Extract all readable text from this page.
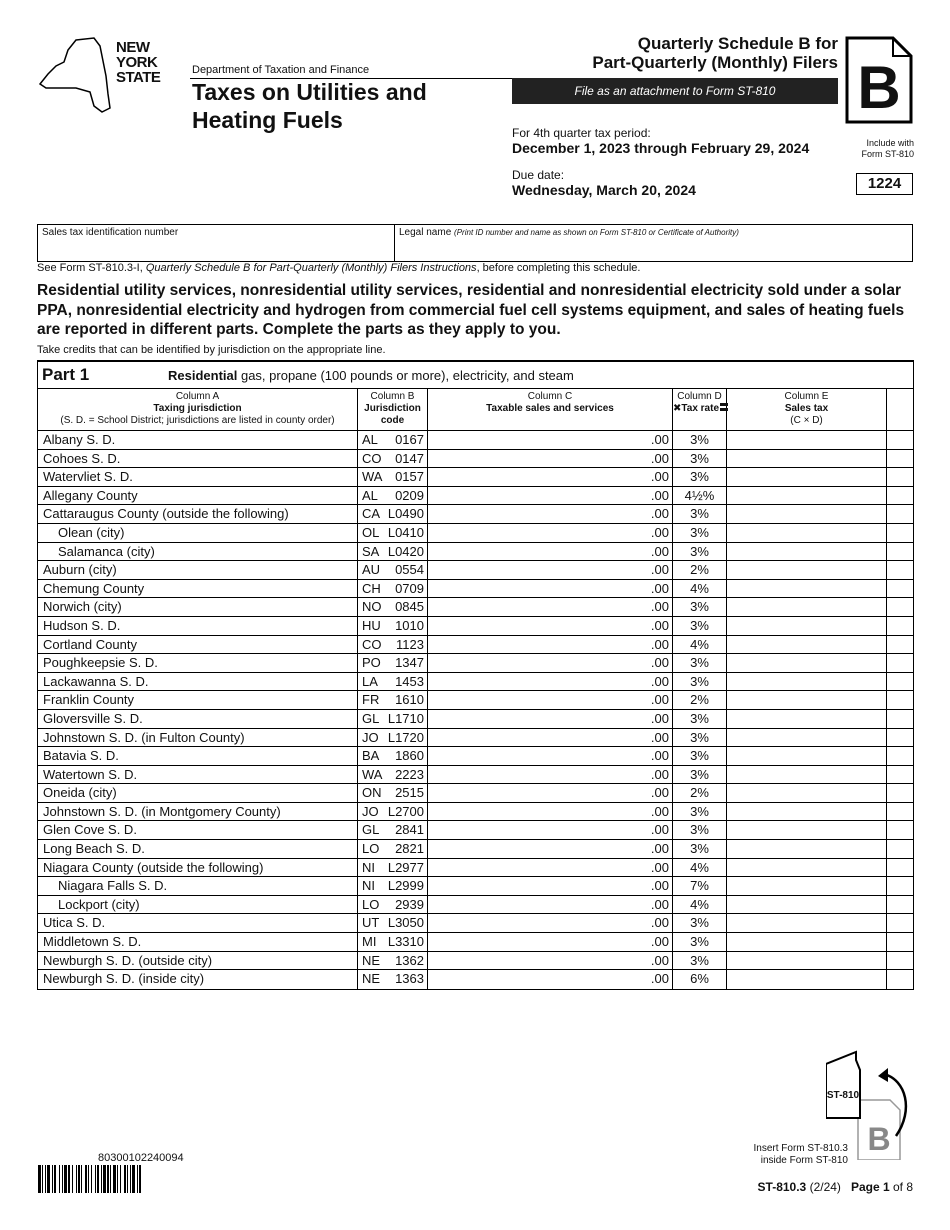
NEW
YORK
STATE	Department of Taxation and Finance
Taxes on Utilities and
Heating Fuels
Quarterly Schedule B for
Part-Quarterly (Monthly) Filers
File as an attachment to Form ST-810	B
For 4th quarter tax period:
December 1, 2023 through February 29, 2024
Due date:
Wednesday, March 20, 2024
Include with
Form ST-810
1224
Sales tax identification number	Legal name (Print ID number and name as shown on Form ST-810 or Certificate of Authority)
See Form ST-810.3-I, Quarterly Schedule B for Part-Quarterly (Monthly) Filers Instructions, before completing this schedule.
Residential utility services, nonresidential utility services, residential and nonresidential electricity sold under a solar PPA, nonresidential electricity and hydrogen from commercial fuel cell systems equipment, and sales of heating fuels are reported in different parts. Complete the parts as they apply to you.
Take credits that can be identified by jurisdiction on the appropriate line.
Part 1	Residential gas, propane (100 pounds or more), electricity, and steam
Column A
Taxing jurisdiction
(S. D. = School District; jurisdictions are listed in county order)
Column B
Jurisdiction
code
Column C
Taxable sales and services
Column D
✖Tax rate〓
Column E
Sales tax
(C × D)
Albany S. D.	AL 0167	.00	3%
Cohoes S. D.	CO 0147	.00	3%
Watervliet S. D.	WA 0157	.00	3%
Allegany County	AL 0209	.00	4½%
Cattaraugus County (outside the following)	CA L0490	.00	3%
Olean (city)	OL L0410	.00	3%
Salamanca (city)	SA L0420	.00	3%
Auburn (city)	AU 0554	.00	2%
Chemung County	CH 0709	.00	4%
Norwich (city)	NO 0845	.00	3%
Hudson S. D.	HU 1010	.00	3%
Cortland County	CO 1123	.00	4%
Poughkeepsie S. D.	PO 1347	.00	3%
Lackawanna S. D.	LA 1453	.00	3%
Franklin County	FR 1610	.00	2%
Gloversville S. D.	GL L1710	.00	3%
Johnstown S. D. (in Fulton County)	JO L1720	.00	3%
Batavia S. D.	BA 1860	.00	3%
Watertown S. D.	WA 2223	.00	3%
Oneida (city)	ON 2515	.00	2%
Johnstown S. D. (in Montgomery County)	JO L2700	.00	3%
Glen Cove S. D.	GL 2841	.00	3%
Long Beach S. D.	LO 2821	.00	3%
Niagara County (outside the following)	NI L2977	.00	4%
Niagara Falls S. D.	NI L2999	.00	7%
Lockport (city)	LO 2939	.00	4%
Utica S. D.	UT L3050	.00	3%
Middletown S. D.	MI L3310	.00	3%
Newburgh S. D. (outside city)	NE 1362	.00	3%
Newburgh S. D. (inside city)	NE 1363	.00	6%
ST-810
B
Insert Form ST-810.3
inside Form ST-810
80300102240094
ST-810.3 (2/24) Page 1 of 8
